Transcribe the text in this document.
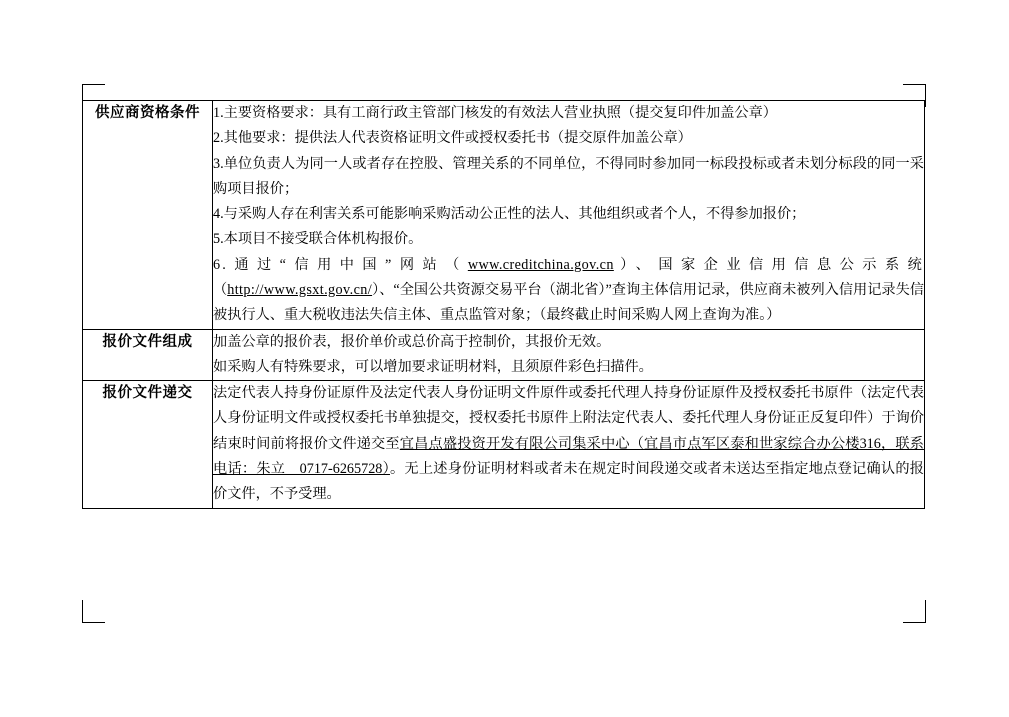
供应商资格条件	1.主要资格要求：具有工商行政主管部门核发的有效法人营业执照（提交复印件加盖公章）
2.其他要求：提供法人代表资格证明文件或授权委托书（提交原件加盖公章）
3.单位负责人为同一人或者存在控股、管理关系的不同单位，不得同时参加同一标段投标或者未划分标段的同一采购项目报价；
4.与采购人存在利害关系可能影响采购活动公正性的法人、其他组织或者个人，不得参加报价；
5.本项目不接受联合体机构报价。
6.通过“信用中国”网站（www.creditchina.gov.cn）、国家企业信用信息公示系统（http://www.gsxt.gov.cn/）、“全国公共资源交易平台（湖北省）”查询主体信用记录，供应商未被列入信用记录失信被执行人、重大税收违法失信主体、重点监管对象；（最终截止时间采购人网上查询为准。）

报价文件组成	加盖公章的报价表，报价单价或总价高于控制价，其报价无效。
如采购人有特殊要求，可以增加要求证明材料，且须原件彩色扫描件。

报价文件递交	法定代表人持身份证原件及法定代表人身份证明文件原件或委托代理人持身份证原件及授权委托书原件（法定代表人身份证明文件或授权委托书单独提交，授权委托书原件上附法定代表人、委托代理人身份证正反复印件）于询价结束时间前将报价文件递交至宜昌点盛投资开发有限公司集采中心（宜昌市点军区泰和世家综合办公楼316，联系电话：朱立　0717-6265728）。无上述身份证明材料或者未在规定时间段递交或者未送达至指定地点登记确认的报价文件，不予受理。
